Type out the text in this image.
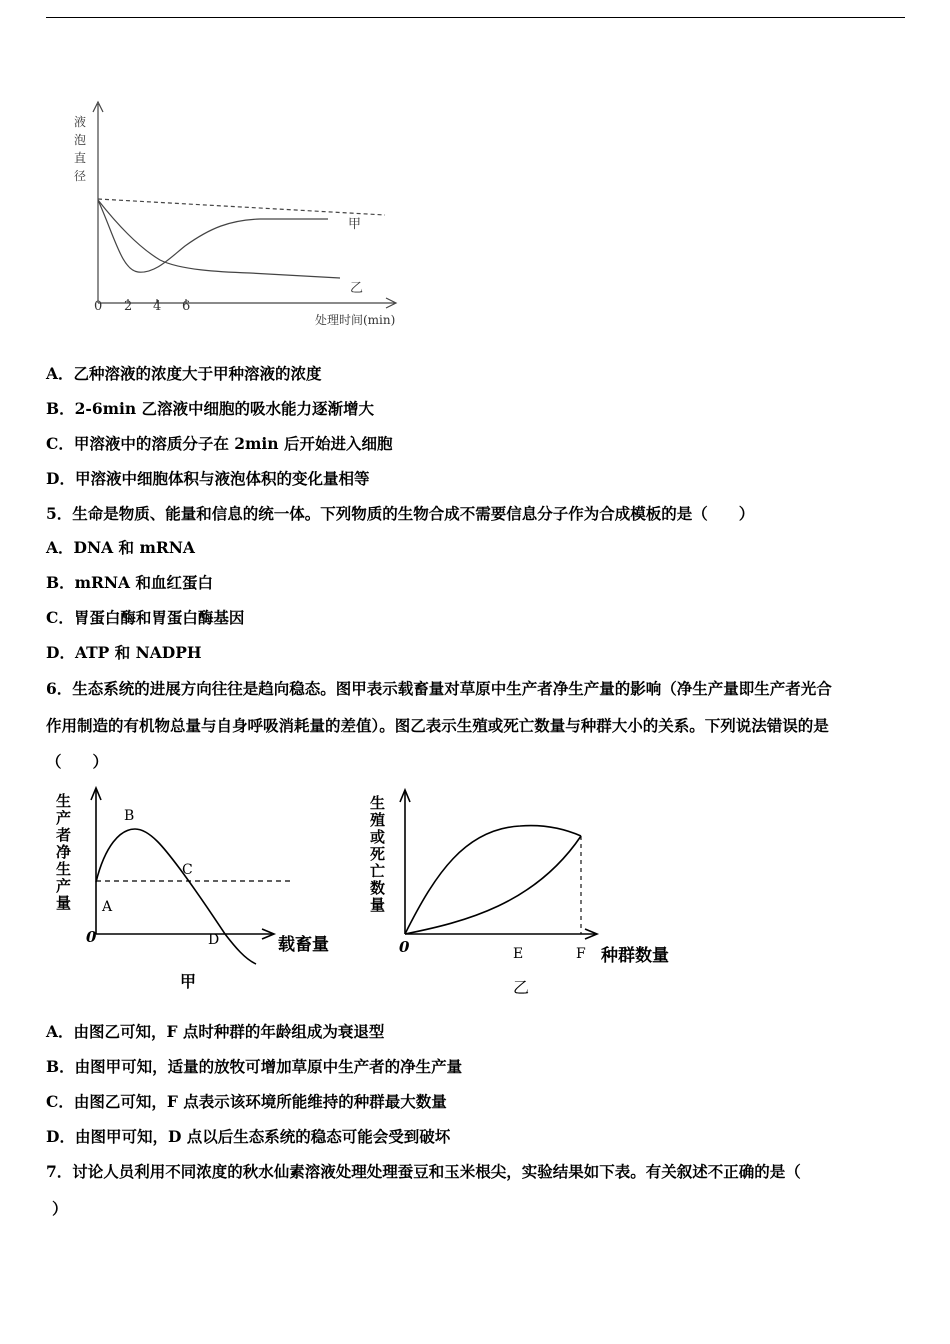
液
泡
直
径
0 2 4 6
处理时间(min)
甲
乙
A．乙种溶液的浓度大于甲种溶液的浓度
B．2-6min 乙溶液中细胞的吸水能力逐渐增大
C．甲溶液中的溶质分子在 2min 后开始进入细胞
D．甲溶液中细胞体积与液泡体积的变化量相等
5．生命是物质、能量和信息的统一体。下列物质的生物合成不需要信息分子作为合成模板的是（　　）
A．DNA 和 mRNA
B．mRNA 和血红蛋白
C．胃蛋白酶和胃蛋白酶基因
D．ATP 和 NADPH
6．生态系统的进展方向往往是趋向稳态。图甲表示载畜量对草原中生产者净生产量的影响（净生产量即生产者光合
作用制造的有机物总量与自身呼吸消耗量的差值）。图乙表示生殖或死亡数量与种群大小的关系。下列说法错误的是
（　　）
生
产
者
净
生
产
量
0
A
B
C
D	载畜量
甲
生
殖
或
死
亡
数
量
0	E	F 种群数量
乙
A．由图乙可知，F 点时种群的年龄组成为衰退型
B．由图甲可知，适量的放牧可增加草原中生产者的净生产量
C．由图乙可知，F 点表示该环境所能维持的种群最大数量
D．由图甲可知，D 点以后生态系统的稳态可能会受到破坏
7．讨论人员利用不同浓度的秋水仙素溶液处理处理蚕豆和玉米根尖，实验结果如下表。有关叙述不正确的是（
）
